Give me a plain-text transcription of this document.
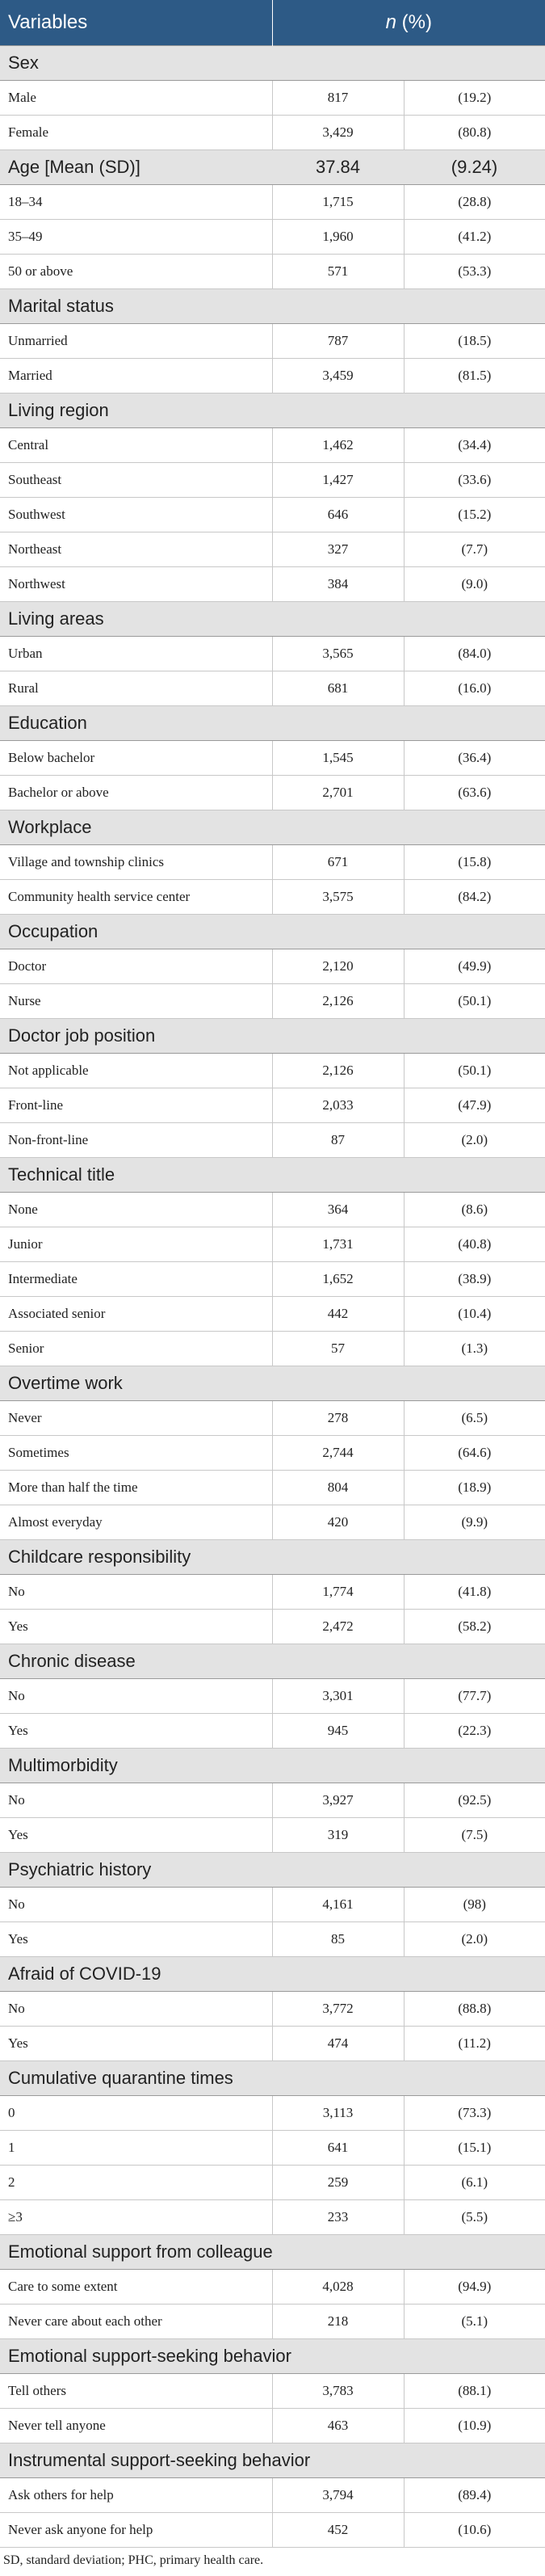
Variables	n (%)	
Sex		
Male	817	(19.2)
Female	3,429	(80.8)
Age [Mean (SD)]	37.84	(9.24)
18–34	1,715	(28.8)
35–49	1,960	(41.2)
50 or above	571	(53.3)
Marital status		
Unmarried	787	(18.5)
Married	3,459	(81.5)
Living region		
Central	1,462	(34.4)
Southeast	1,427	(33.6)
Southwest	646	(15.2)
Northeast	327	(7.7)
Northwest	384	(9.0)
Living areas		
Urban	3,565	(84.0)
Rural	681	(16.0)
Education		
Below bachelor	1,545	(36.4)
Bachelor or above	2,701	(63.6)
Workplace		
Village and township clinics	671	(15.8)
Community health service center	3,575	(84.2)
Occupation		
Doctor	2,120	(49.9)
Nurse	2,126	(50.1)
Doctor job position		
Not applicable	2,126	(50.1)
Front-line	2,033	(47.9)
Non-front-line	87	(2.0)
Technical title		
None	364	(8.6)
Junior	1,731	(40.8)
Intermediate	1,652	(38.9)
Associated senior	442	(10.4)
Senior	57	(1.3)
Overtime work		
Never	278	(6.5)
Sometimes	2,744	(64.6)
More than half the time	804	(18.9)
Almost everyday	420	(9.9)
Childcare responsibility		
No	1,774	(41.8)
Yes	2,472	(58.2)
Chronic disease		
No	3,301	(77.7)
Yes	945	(22.3)
Multimorbidity		
No	3,927	(92.5)
Yes	319	(7.5)
Psychiatric history		
No	4,161	(98)
Yes	85	(2.0)
Afraid of COVID-19		
No	3,772	(88.8)
Yes	474	(11.2)
Cumulative quarantine times		
0	3,113	(73.3)
1	641	(15.1)
2	259	(6.1)
≥3	233	(5.5)
Emotional support from colleague		
Care to some extent	4,028	(94.9)
Never care about each other	218	(5.1)
Emotional support-seeking behavior		
Tell others	3,783	(88.1)
Never tell anyone	463	(10.9)
Instrumental support-seeking behavior		
Ask others for help	3,794	(89.4)
Never ask anyone for help	452	(10.6)
SD, standard deviation; PHC, primary health care.
